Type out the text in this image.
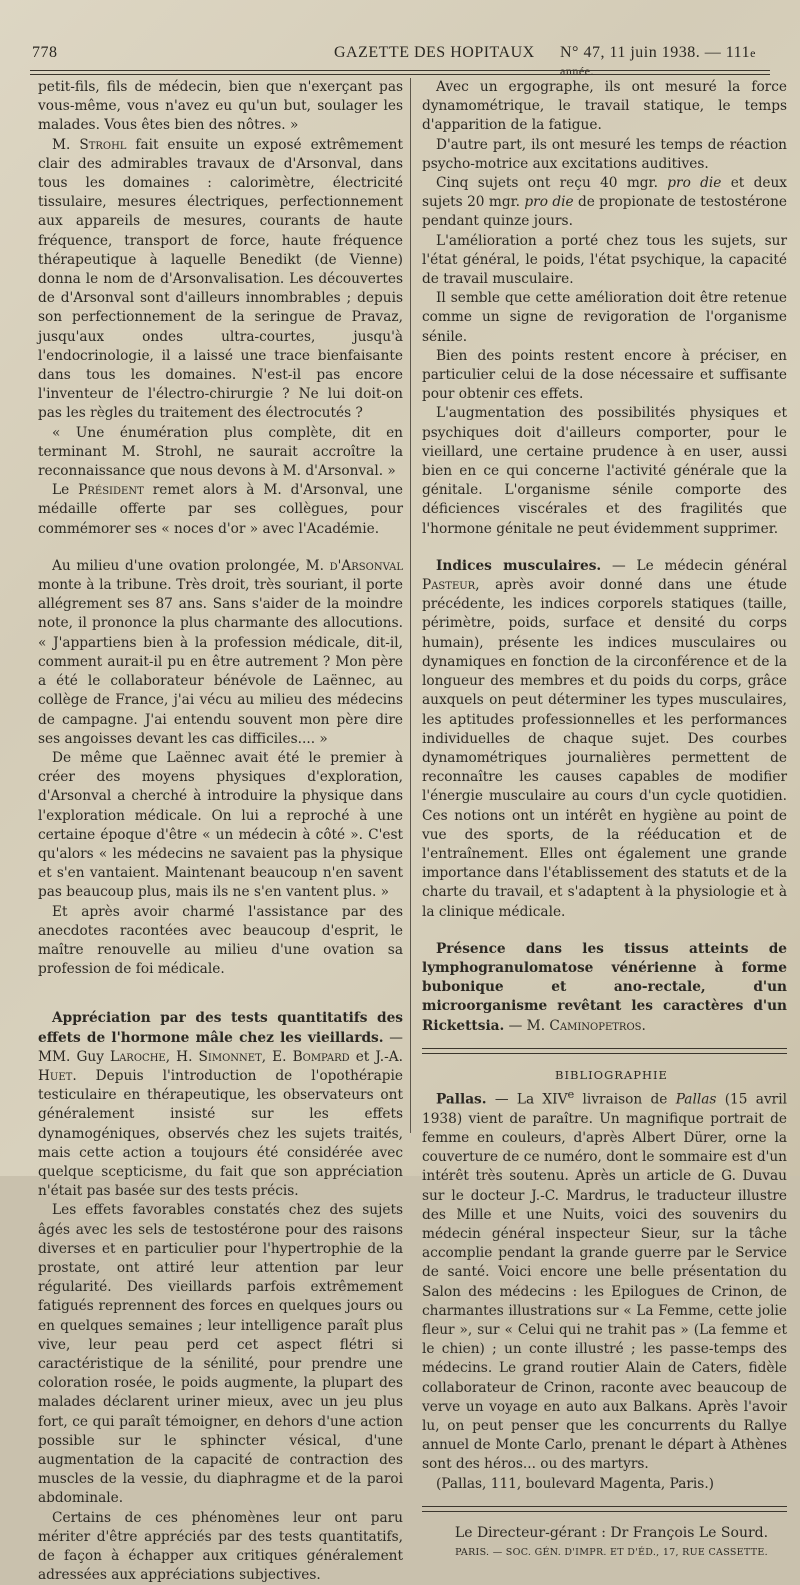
778	GAZETTE DES HOPITAUX N° 47, 11 juin 1938. — 111e année.

petit-fils, fils de médecin, bien que n'exerçant pas vous-même, vous n'avez eu qu'un but, soulager les malades. Vous êtes bien des nôtres. »

M. Strohl fait ensuite un exposé extrêmement clair des admirables travaux de d'Arsonval, dans tous les domaines : calorimètre, électricité tissulaire, mesures électriques, perfectionnement aux appareils de mesures, courants de haute fréquence, transport de force, haute fréquence thérapeutique à laquelle Benedikt (de Vienne) donna le nom de d'Arsonvalisation. Les découvertes de d'Arsonval sont d'ailleurs innombrables ; depuis son perfectionnement de la seringue de Pravaz, jusqu'aux ondes ultra-courtes, jusqu'à l'endocrinologie, il a laissé une trace bienfaisante dans tous les domaines. N'est-il pas encore l'inventeur de l'électro-chirurgie ? Ne lui doit-on pas les règles du traitement des électrocutés ?

« Une énumération plus complète, dit en terminant M. Strohl, ne saurait accroître la reconnaissance que nous devons à M. d'Arsonval. »

Le Président remet alors à M. d'Arsonval, une médaille offerte par ses collègues, pour commémorer ses « noces d'or » avec l'Académie.

Au milieu d'une ovation prolongée, M. d'Arsonval monte à la tribune. Très droit, très souriant, il porte allégrement ses 87 ans. Sans s'aider de la moindre note, il prononce la plus charmante des allocutions. « J'appartiens bien à la profession médicale, dit-il, comment aurait-il pu en être autrement ? Mon père a été le collaborateur bénévole de Laënnec, au collège de France, j'ai vécu au milieu des médecins de campagne. J'ai entendu souvent mon père dire ses angoisses devant les cas difficiles.... »

De même que Laënnec avait été le premier à créer des moyens physiques d'exploration, d'Arsonval a cherché à introduire la physique dans l'exploration médicale. On lui a reproché à une certaine époque d'être « un médecin à côté ». C'est qu'alors « les médecins ne savaient pas la physique et s'en vantaient. Maintenant beaucoup n'en savent pas beaucoup plus, mais ils ne s'en vantent plus. »

Et après avoir charmé l'assistance par des anecdotes racontées avec beaucoup d'esprit, le maître renouvelle au milieu d'une ovation sa profession de foi médicale.

Appréciation par des tests quantitatifs des effets de l'hormone mâle chez les vieillards. — MM. Guy Laroche, H. Simonnet, E. Bompard et J.-A. Huet. Depuis l'introduction de l'opothérapie testiculaire en thérapeutique, les observateurs ont généralement insisté sur les effets dynamogéniques, observés chez les sujets traités, mais cette action a toujours été considérée avec quelque scepticisme, du fait que son appréciation n'était pas basée sur des tests précis.

Les effets favorables constatés chez des sujets âgés avec les sels de testostérone pour des raisons diverses et en particulier pour l'hypertrophie de la prostate, ont attiré leur attention par leur régularité. Des vieillards parfois extrêmement fatigués reprennent des forces en quelques jours ou en quelques semaines ; leur intelligence paraît plus vive, leur peau perd cet aspect flétri si caractéristique de la sénilité, pour prendre une coloration rosée, le poids augmente, la plupart des malades déclarent uriner mieux, avec un jeu plus fort, ce qui paraît témoigner, en dehors d'une action possible sur le sphincter vésical, d'une augmentation de la capacité de contraction des muscles de la vessie, du diaphragme et de la paroi abdominale.

Certains de ces phénomènes leur ont paru mériter d'être appréciés par des tests quantitatifs, de façon à échapper aux critiques généralement adressées aux appréciations subjectives.

Avec un ergographe, ils ont mesuré la force dynamométrique, le travail statique, le temps d'apparition de la fatigue.

D'autre part, ils ont mesuré les temps de réaction psycho-motrice aux excitations auditives.

Cinq sujets ont reçu 40 mgr. pro die et deux sujets 20 mgr. pro die de propionate de testostérone pendant quinze jours.

L'amélioration a porté chez tous les sujets, sur l'état général, le poids, l'état psychique, la capacité de travail musculaire.

Il semble que cette amélioration doit être retenue comme un signe de revigoration de l'organisme sénile.

Bien des points restent encore à préciser, en particulier celui de la dose nécessaire et suffisante pour obtenir ces effets.

L'augmentation des possibilités physiques et psychiques doit d'ailleurs comporter, pour le vieillard, une certaine prudence à en user, aussi bien en ce qui concerne l'activité générale que la génitale. L'organisme sénile comporte des déficiences viscérales et des fragilités que l'hormone génitale ne peut évidemment supprimer.

Indices musculaires. — Le médecin général Pasteur, après avoir donné dans une étude précédente, les indices corporels statiques (taille, périmètre, poids, surface et densité du corps humain), présente les indices musculaires ou dynamiques en fonction de la circonférence et de la longueur des membres et du poids du corps, grâce auxquels on peut déterminer les types musculaires, les aptitudes professionnelles et les performances individuelles de chaque sujet. Des courbes dynamométriques journalières permettent de reconnaître les causes capables de modifier l'énergie musculaire au cours d'un cycle quotidien. Ces notions ont un intérêt en hygiène au point de vue des sports, de la rééducation et de l'entraînement. Elles ont également une grande importance dans l'établissement des statuts et de la charte du travail, et s'adaptent à la physiologie et à la clinique médicale.

Présence dans les tissus atteints de lymphogranulomatose vénérienne à forme bubonique et ano-rectale, d'un microorganisme revêtant les caractères d'un Rickettsia. — M. Caminopetros.

BIBLIOGRAPHIE

Pallas. — La XIVe livraison de Pallas (15 avril 1938) vient de paraître. Un magnifique portrait de femme en couleurs, d'après Albert Dürer, orne la couverture de ce numéro, dont le sommaire est d'un intérêt très soutenu. Après un article de G. Duvau sur le docteur J.-C. Mardrus, le traducteur illustre des Mille et une Nuits, voici des souvenirs du médecin général inspecteur Sieur, sur la tâche accomplie pendant la grande guerre par le Service de santé. Voici encore une belle présentation du Salon des médecins : les Epilogues de Crinon, de charmantes illustrations sur « La Femme, cette jolie fleur », sur « Celui qui ne trahit pas » (La femme et le chien) ; un conte illustré ; les passe-temps des médecins. Le grand routier Alain de Caters, fidèle collaborateur de Crinon, raconte avec beaucoup de verve un voyage en auto aux Balkans. Après l'avoir lu, on peut penser que les concurrents du Rallye annuel de Monte Carlo, prenant le départ à Athènes sont des héros... ou des martyrs.

(Pallas, 111, boulevard Magenta, Paris.)

Le Directeur-gérant : Dr François Le Sourd.

PARIS. — SOC. GÉN. D'IMPR. ET D'ÉD., 17, RUE CASSETTE.
